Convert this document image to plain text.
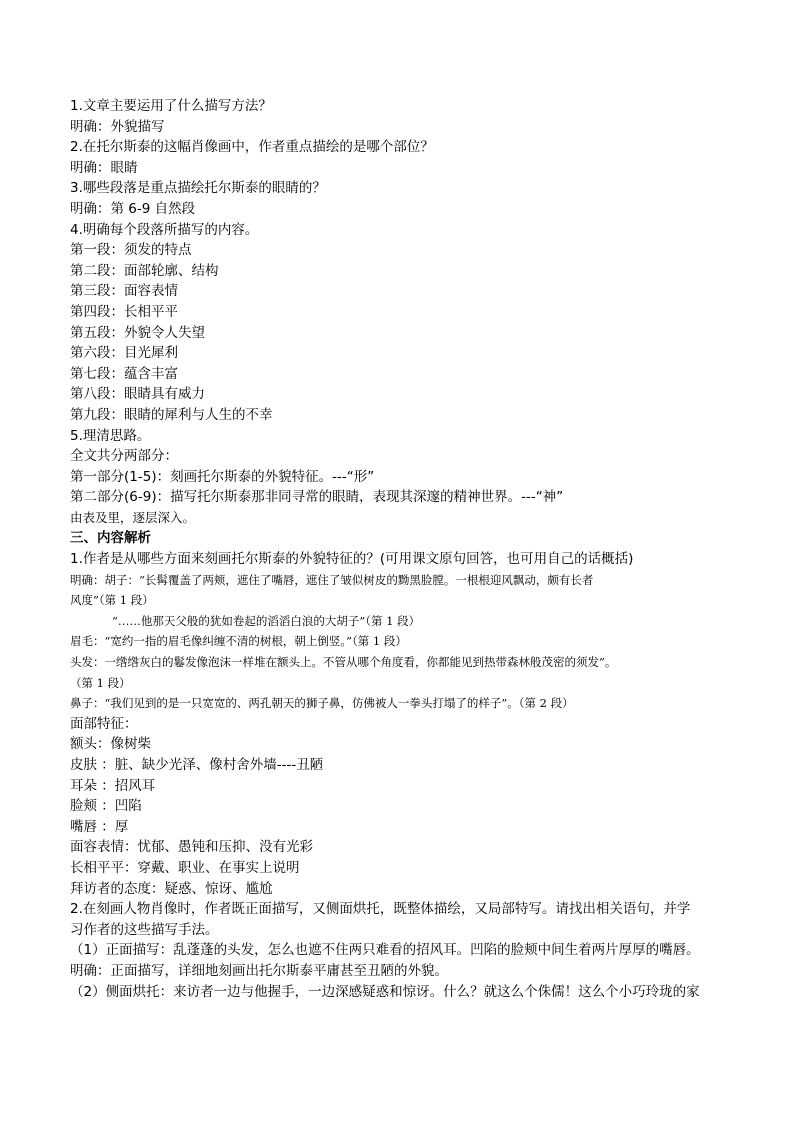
1.文章主要运用了什么描写方法？
明确：外貌描写
2.在托尔斯泰的这幅肖像画中，作者重点描绘的是哪个部位？
明确：眼睛
3.哪些段落是重点描绘托尔斯泰的眼睛的？
明确：第 6-9 自然段
4.明确每个段落所描写的内容。
第一段：须发的特点
第二段：面部轮廓、结构
第三段：面容表情
第四段：长相平平
第五段：外貌令人失望
第六段：目光犀利
第七段：蕴含丰富
第八段：眼睛具有威力
第九段：眼睛的犀利与人生的不幸
5.理清思路。
全文共分两部分：
第一部分(1-5)：刻画托尔斯泰的外貌特征。---“形”
第二部分(6-9)：描写托尔斯泰那非同寻常的眼睛，表现其深邃的精神世界。---“神”
由表及里，逐层深入。
三、内容解析
1.作者是从哪些方面来刻画托尔斯泰的外貌特征的？(可用课文原句回答，也可用自己的话概括)
明确：胡子：“长髯覆盖了两颊，遮住了嘴唇，遮住了皱似树皮的黝黑脸膛。一根根迎风飘动，颇有长者
风度”（第 1 段）
“……他那天父般的犹如卷起的滔滔白浪的大胡子”（第 1 段）
眉毛：“宽约一指的眉毛像纠缠不清的树根，朝上倒竖。”（第 1 段）
头发：一绺绺灰白的鬈发像泡沫一样堆在额头上。不管从哪个角度看，你都能见到热带森林般茂密的须发”。
（第 1 段）
鼻子：“我们见到的是一只宽宽的、两孔朝天的狮子鼻，仿佛被人一拳头打塌了的样子”。（第 2 段）
面部特征：
额头：像树柴
皮肤 ：脏、缺少光泽、像村舍外墙----丑陋
耳朵 ：招风耳
脸颊 ：凹陷
嘴唇 ：厚
面容表情：忧郁、愚钝和压抑、没有光彩
长相平平：穿戴、职业、在事实上说明
拜访者的态度：疑惑、惊讶、尴尬
2.在刻画人物肖像时，作者既正面描写，又侧面烘托，既整体描绘，又局部特写。请找出相关语句，并学
习作者的这些描写手法。
（1）正面描写：乱蓬蓬的头发，怎么也遮不住两只难看的招风耳。凹陷的脸颊中间生着两片厚厚的嘴唇。
明确：正面描写，详细地刻画出托尔斯泰平庸甚至丑陋的外貌。
（2）侧面烘托：来访者一边与他握手，一边深感疑惑和惊讶。什么？就这么个侏儒！这么个小巧玲珑的家
